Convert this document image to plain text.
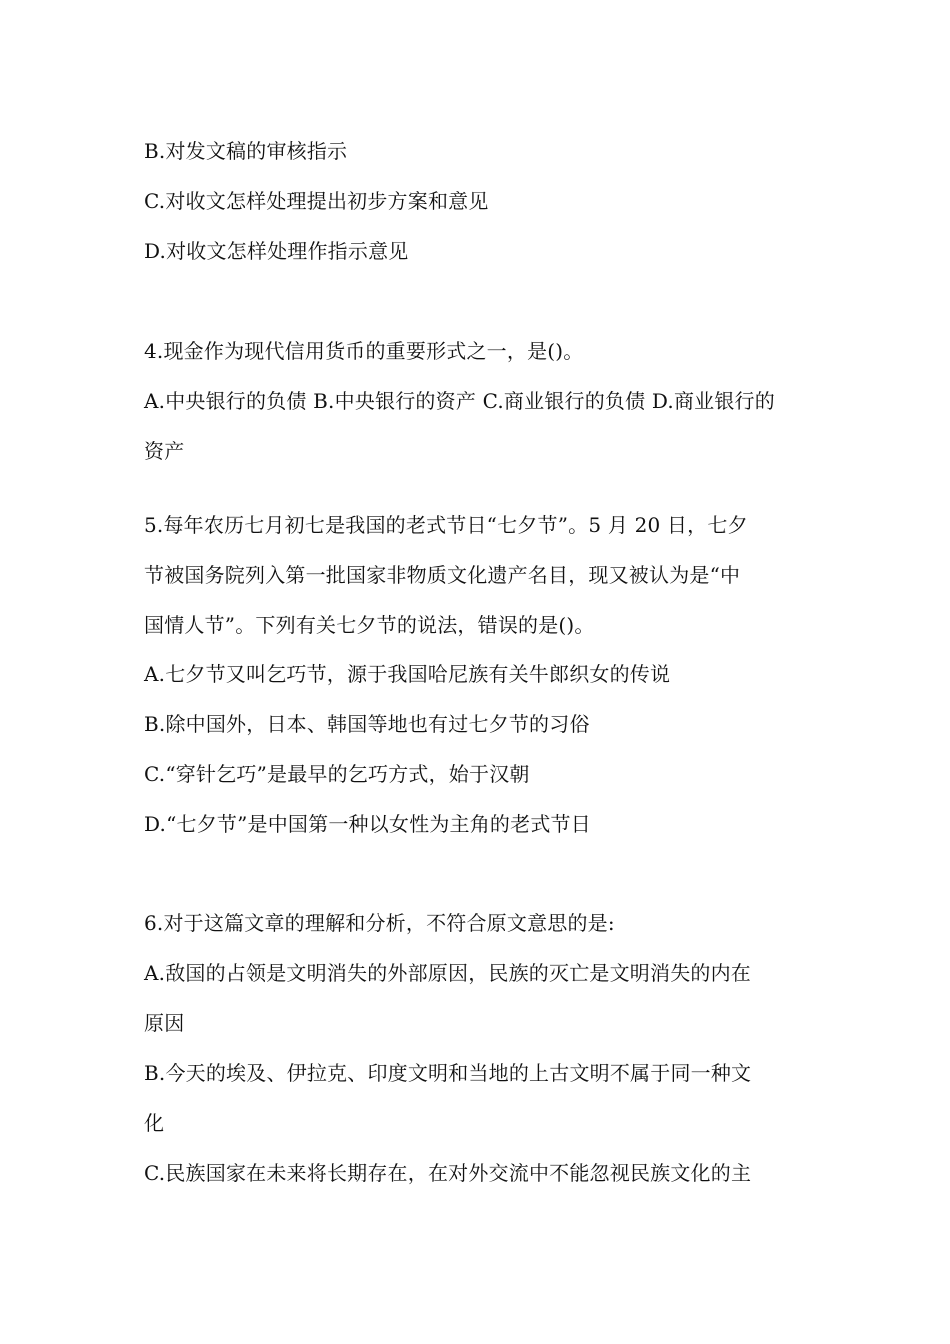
B.对发文稿的审核指示
C.对收文怎样处理提出初步方案和意见
D.对收文怎样处理作指示意见
4.现金作为现代信用货币的重要形式之一，是()。
A.中央银行的负债 B.中央银行的资产 C.商业银行的负债 D.商业银行的
资产
5.每年农历七月初七是我国的老式节日“七夕节”。5 月 20 日，七夕
节被国务院列入第一批国家非物质文化遗产名目，现又被认为是“中
国情人节”。下列有关七夕节的说法，错误的是()。
A.七夕节又叫乞巧节，源于我国哈尼族有关牛郎织女的传说
B.除中国外，日本、韩国等地也有过七夕节的习俗
C.“穿针乞巧”是最早的乞巧方式，始于汉朝
D.“七夕节”是中国第一种以女性为主角的老式节日
6.对于这篇文章的理解和分析，不符合原文意思的是:
A.敌国的占领是文明消失的外部原因，民族的灭亡是文明消失的内在
原因
B.今天的埃及、伊拉克、印度文明和当地的上古文明不属于同一种文
化
C.民族国家在未来将长期存在，在对外交流中不能忽视民族文化的主
